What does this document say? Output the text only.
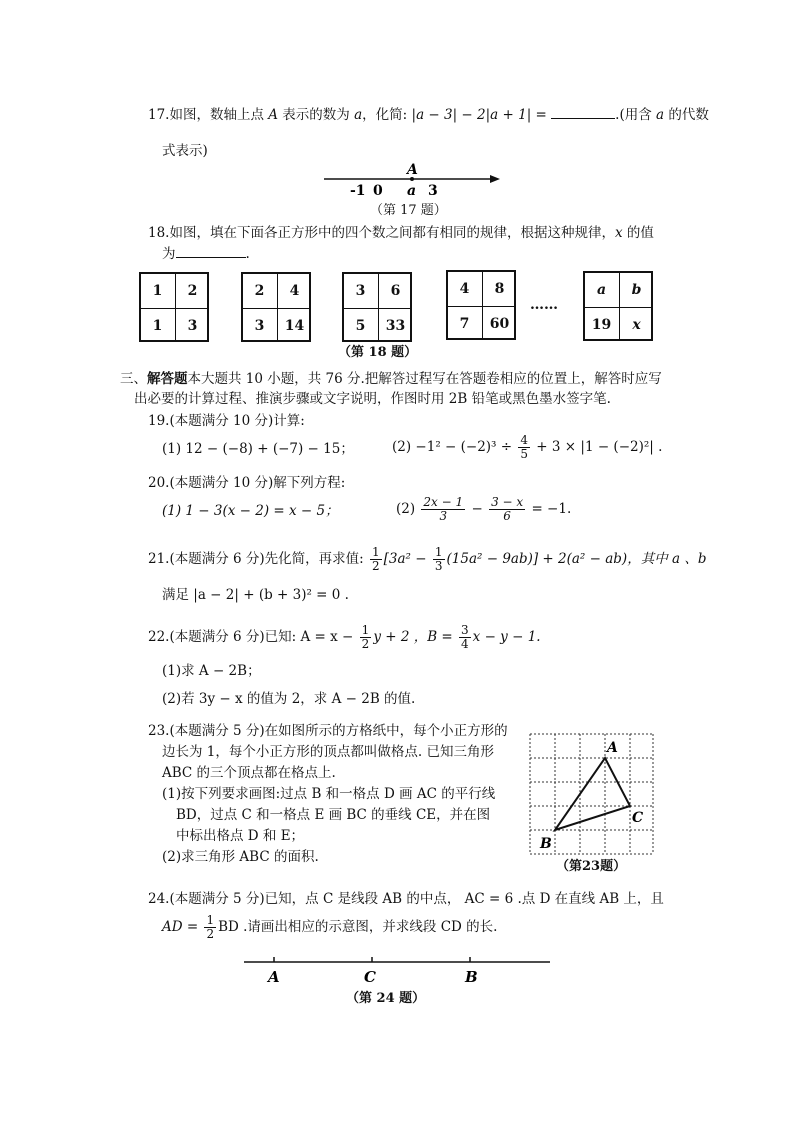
17.如图，数轴上点 A 表示的数为 a，化简: |a − 3| − 2|a + 1| =	.(用含 a 的代数
式表示)
A
-1 0 a 3
（第 17 题）
18.如图，填在下面各正方形中的四个数之间都有相同的规律，根据这种规律，x 的值
为	.
1	2
1	3
2	4
3	14
3	6
5	33
4	8
7	60
……
a	b
19	x
（第 18 题）
三、解答题本大题共 10 小题，共 76 分.把解答过程写在答题卷相应的位置上，解答时应写
出必要的计算过程、推演步骤或文字说明，作图时用 2B 铅笔或黑色墨水签字笔.
19.(本题满分 10 分)计算:
(1) 12 − (−8) + (−7) − 15；	$(2) -1^2 - (-2)^3 \div \frac{4}{5} + 3 \times |1 - (-2)^2|$ .
20.(本题满分 10 分)解下列方程:
(1) 1 − 3(x − 2) = x − 5；	$(2) \frac{2x - 1}{3} - \frac{3 - x}{6} = -1$.
21.(本题满分 6 分)先化简，再求值: $\frac{1}{2} [3a^2 - \frac{1}{3} (15a^2 - 9ab)] + 2(a^2 - ab)$，其中 a 、b
满足 |a − 2| + (b + 3)² = 0 .
22.(本题满分 6 分)已知: $A = x - \frac{1}{2}$ y + 2 ，$B = \frac{3}{4}$ x − y − 1.
(1)求 A − 2B；
(2)若 3y − x 的值为 2，求 A − 2B 的值.
23.(本题满分 5 分)在如图所示的方格纸中，每个小正方形的
边长为 1，每个小正方形的顶点都叫做格点. 已知三角形
ABC 的三个顶点都在格点上.
(1)按下列要求画图:过点 B 和一格点 D 画 AC 的平行线
BD，过点 C 和一格点 E 画 BC 的垂线 CE，并在图
中标出格点 D 和 E；
(2)求三角形 ABC 的面积.
A
C
B
（第23题）
24.(本题满分 5 分)已知，点 C 是线段 AB 的中点， AC = 6 .点 D 在直线 AB 上，且
AD = $\frac{1}{2}$ BD .请画出相应的示意图，并求线段 CD 的长.
A	C	B
（第 24 题）
